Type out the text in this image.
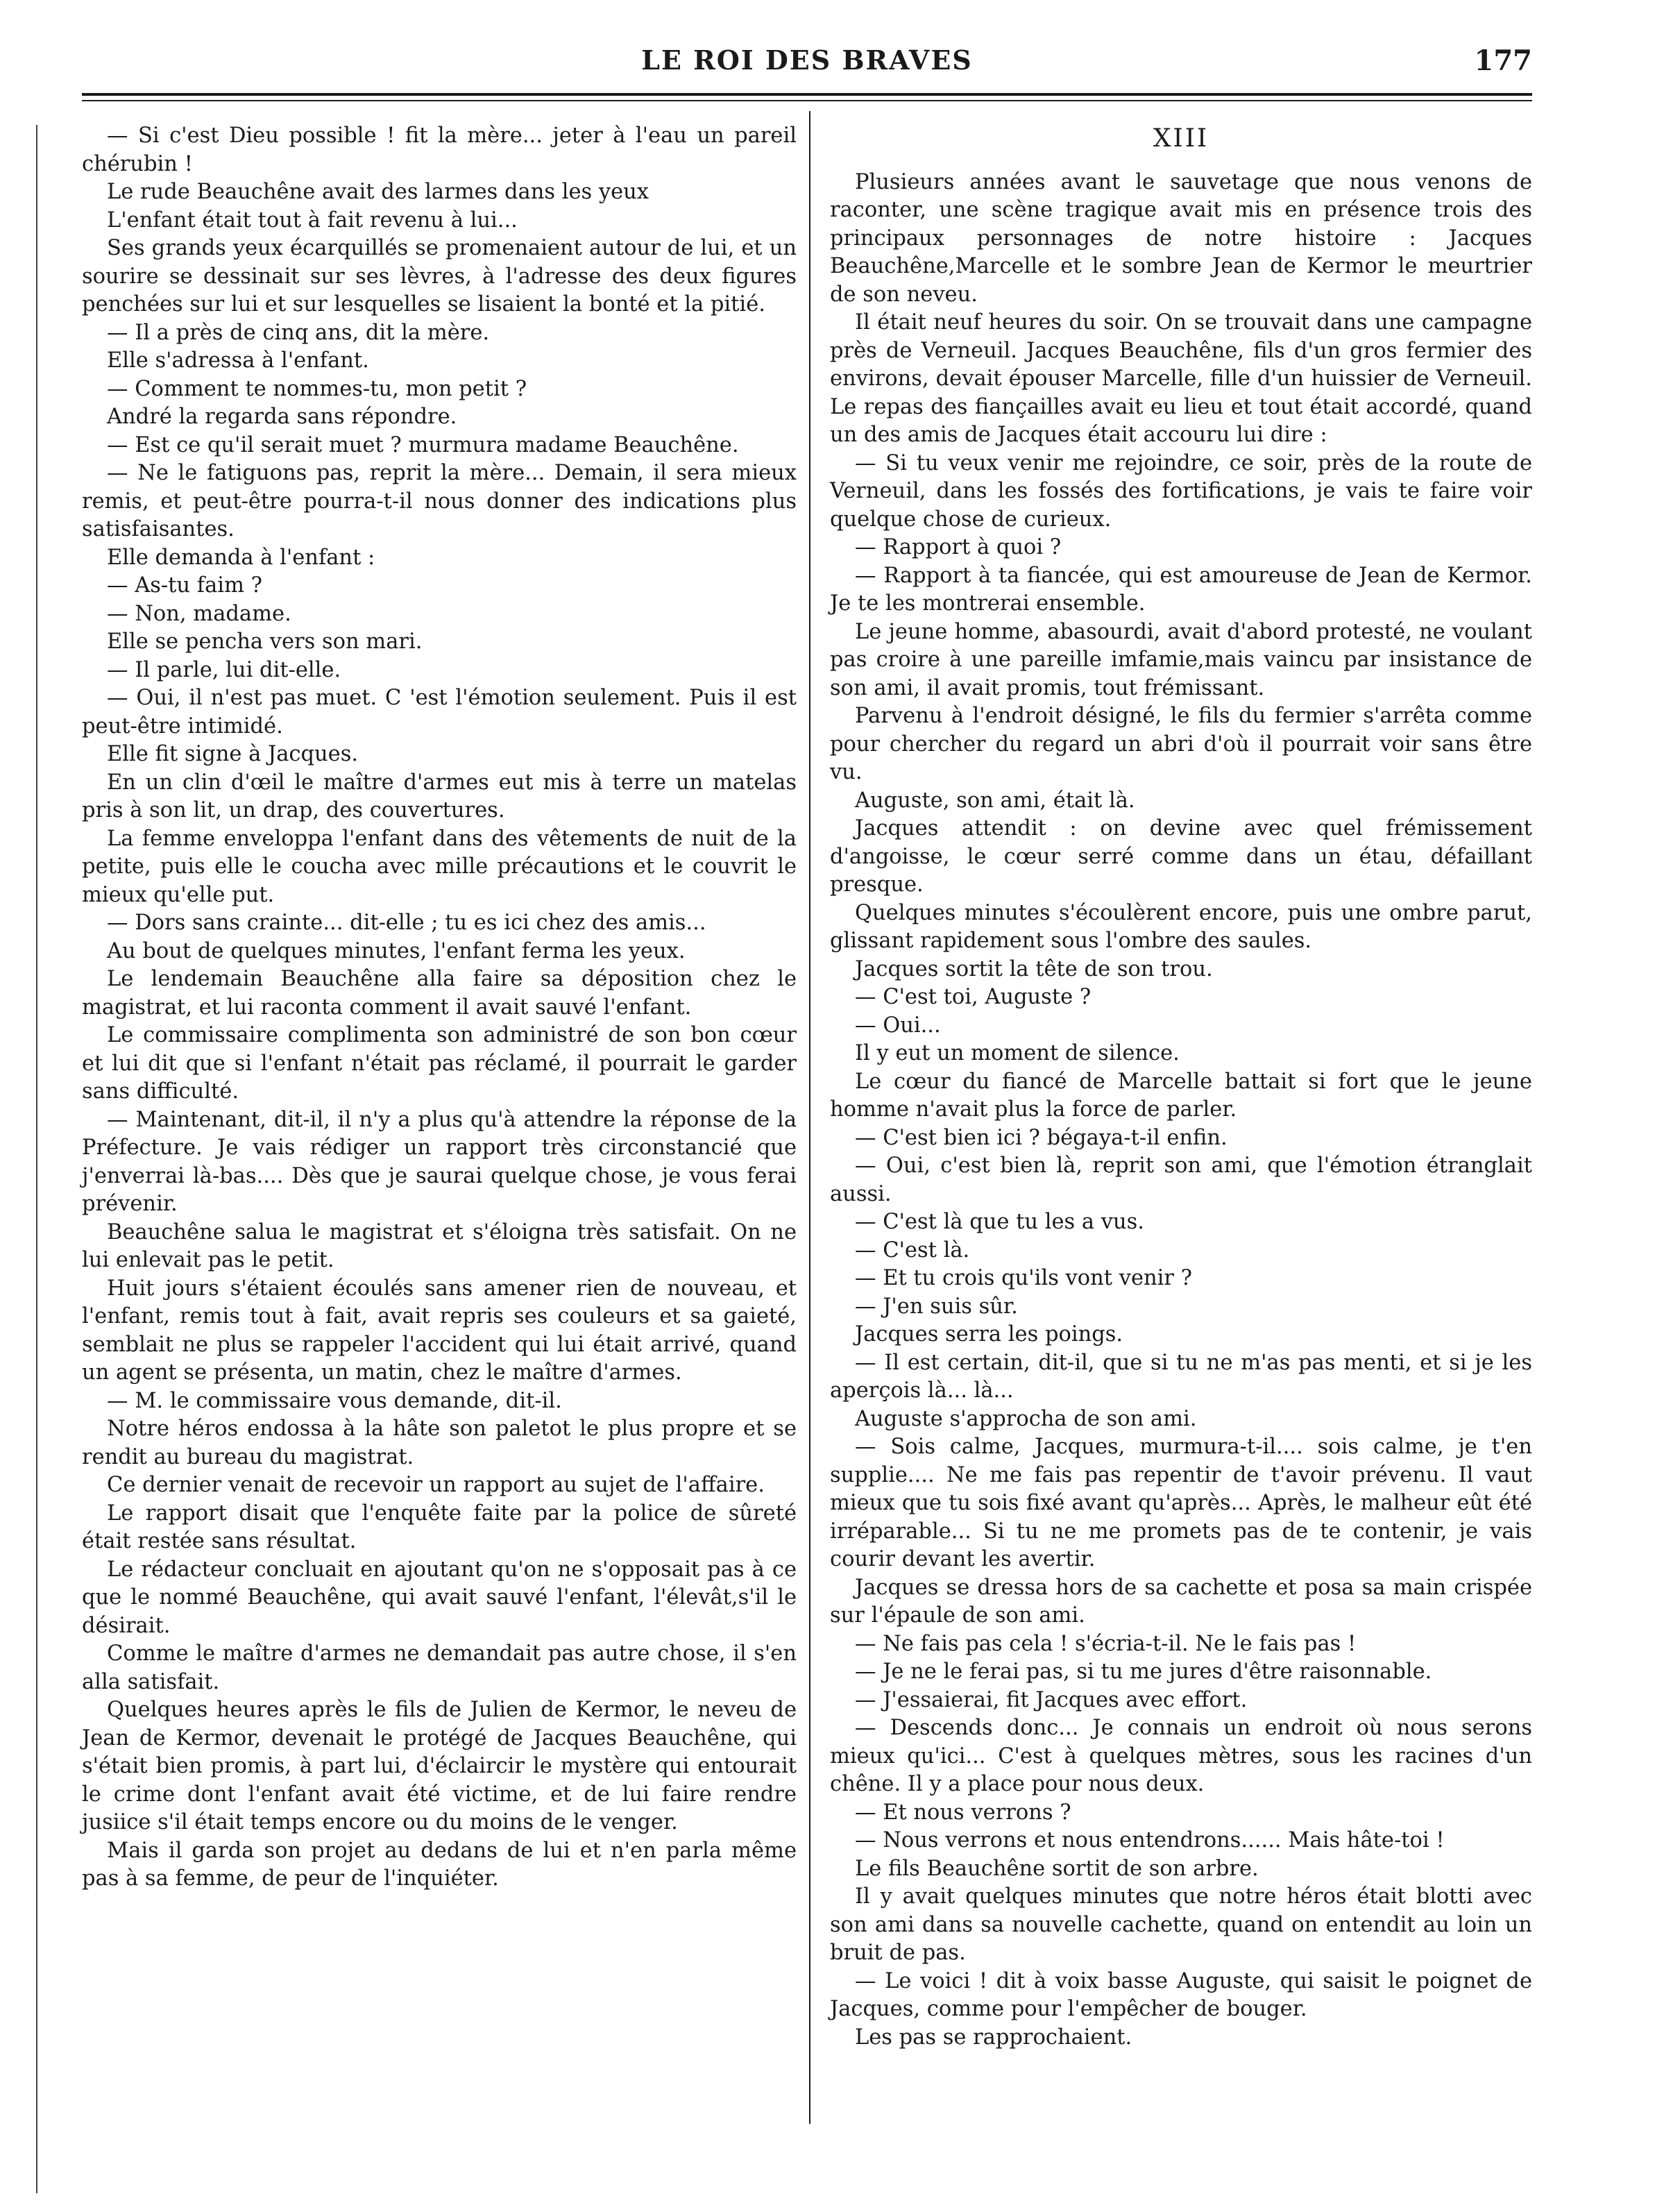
LE ROI DES BRAVES	177

— Si c'est Dieu possible ! fit la mère... jeter à l'eau un pareil chérubin !

Le rude Beauchêne avait des larmes dans les yeux

L'enfant était tout à fait revenu à lui...

Ses grands yeux écarquillés se promenaient autour de lui, et un sourire se dessinait sur ses lèvres, à l'adresse des deux figures penchées sur lui et sur lesquelles se lisaient la bonté et la pitié.

— Il a près de cinq ans, dit la mère.

Elle s'adressa à l'enfant.

— Comment te nommes-tu, mon petit ?

André la regarda sans répondre.

— Est ce qu'il serait muet ? murmura madame Beauchêne.

— Ne le fatiguons pas, reprit la mère... Demain, il sera mieux remis, et peut-être pourra-t-il nous donner des indications plus satisfaisantes.

Elle demanda à l'enfant :

— As-tu faim ?

— Non, madame.

Elle se pencha vers son mari.

— Il parle, lui dit-elle.

— Oui, il n'est pas muet. C 'est l'émotion seulement. Puis il est peut-être intimidé.

Elle fit signe à Jacques.

En un clin d'œil le maître d'armes eut mis à terre un matelas pris à son lit, un drap, des couvertures.

La femme enveloppa l'enfant dans des vêtements de nuit de la petite, puis elle le coucha avec mille précautions et le couvrit le mieux qu'elle put.

— Dors sans crainte... dit-elle ; tu es ici chez des amis...

Au bout de quelques minutes, l'enfant ferma les yeux.

Le lendemain Beauchêne alla faire sa déposition chez le magistrat, et lui raconta comment il avait sauvé l'enfant.

Le commissaire complimenta son administré de son bon cœur et lui dit que si l'enfant n'était pas réclamé, il pourrait le garder sans difficulté.

— Maintenant, dit-il, il n'y a plus qu'à attendre la réponse de la Préfecture. Je vais rédiger un rapport très circonstancié que j'enverrai là-bas.... Dès que je saurai quelque chose, je vous ferai prévenir.

Beauchêne salua le magistrat et s'éloigna très satisfait. On ne lui enlevait pas le petit.

Huit jours s'étaient écoulés sans amener rien de nouveau, et l'enfant, remis tout à fait, avait repris ses couleurs et sa gaieté, semblait ne plus se rappeler l'accident qui lui était arrivé, quand un agent se présenta, un matin, chez le maître d'armes.

— M. le commissaire vous demande, dit-il.

Notre héros endossa à la hâte son paletot le plus propre et se rendit au bureau du magistrat.

Ce dernier venait de recevoir un rapport au sujet de l'affaire.

Le rapport disait que l'enquête faite par la police de sûreté était restée sans résultat.

Le rédacteur concluait en ajoutant qu'on ne s'opposait pas à ce que le nommé Beauchêne, qui avait sauvé l'enfant, l'élevât,s'il le désirait.

Comme le maître d'armes ne demandait pas autre chose, il s'en alla satisfait.

Quelques heures après le fils de Julien de Kermor, le neveu de Jean de Kermor, devenait le protégé de Jacques Beauchêne, qui s'était bien promis, à part lui, d'éclaircir le mystère qui entourait le crime dont l'enfant avait été victime, et de lui faire rendre jusiice s'il était temps encore ou du moins de le venger.

Mais il garda son projet au dedans de lui et n'en parla même pas à sa femme, de peur de l'inquiéter.

XIII

Plusieurs années avant le sauvetage que nous venons de raconter, une scène tragique avait mis en présence trois des principaux personnages de notre histoire : Jacques Beauchêne,Marcelle et le sombre Jean de Kermor le meurtrier de son neveu.

Il était neuf heures du soir. On se trouvait dans une campagne près de Verneuil. Jacques Beauchêne, fils d'un gros fermier des environs, devait épouser Marcelle, fille d'un huissier de Verneuil. Le repas des fiançailles avait eu lieu et tout était accordé, quand un des amis de Jacques était accouru lui dire :

— Si tu veux venir me rejoindre, ce soir, près de la route de Verneuil, dans les fossés des fortifications, je vais te faire voir quelque chose de curieux.

— Rapport à quoi ?

— Rapport à ta fiancée, qui est amoureuse de Jean de Kermor. Je te les montrerai ensemble.

Le jeune homme, abasourdi, avait d'abord protesté, ne voulant pas croire à une pareille imfamie,mais vaincu par insistance de son ami, il avait promis, tout frémissant.

Parvenu à l'endroit désigné, le fils du fermier s'arrêta comme pour chercher du regard un abri d'où il pourrait voir sans être vu.

Auguste, son ami, était là.

Jacques attendit : on devine avec quel frémissement d'angoisse, le cœur serré comme dans un étau, défaillant presque.

Quelques minutes s'écoulèrent encore, puis une ombre parut, glissant rapidement sous l'ombre des saules.

Jacques sortit la tête de son trou.

— C'est toi, Auguste ?

— Oui...

Il y eut un moment de silence.

Le cœur du fiancé de Marcelle battait si fort que le jeune homme n'avait plus la force de parler.

— C'est bien ici ? bégaya-t-il enfin.

— Oui, c'est bien là, reprit son ami, que l'émotion étranglait aussi.

— C'est là que tu les a vus.

— C'est là.

— Et tu crois qu'ils vont venir ?

— J'en suis sûr.

Jacques serra les poings.

— Il est certain, dit-il, que si tu ne m'as pas menti, et si je les aperçois là... là...

Auguste s'approcha de son ami.

— Sois calme, Jacques, murmura-t-il.... sois calme, je t'en supplie.... Ne me fais pas repentir de t'avoir prévenu. Il vaut mieux que tu sois fixé avant qu'après... Après, le malheur eût été irréparable... Si tu ne me promets pas de te contenir, je vais courir devant les avertir.

Jacques se dressa hors de sa cachette et posa sa main crispée sur l'épaule de son ami.

— Ne fais pas cela ! s'écria-t-il. Ne le fais pas !

— Je ne le ferai pas, si tu me jures d'être raisonnable.

— J'essaierai, fit Jacques avec effort.

— Descends donc... Je connais un endroit où nous serons mieux qu'ici... C'est à quelques mètres, sous les racines d'un chêne. Il y a place pour nous deux.

— Et nous verrons ?

— Nous verrons et nous entendrons...... Mais hâte-toi !

Le fils Beauchêne sortit de son arbre.

Il y avait quelques minutes que notre héros était blotti avec son ami dans sa nouvelle cachette, quand on entendit au loin un bruit de pas.

— Le voici ! dit à voix basse Auguste, qui saisit le poignet de Jacques, comme pour l'empêcher de bouger.

Les pas se rapprochaient.
